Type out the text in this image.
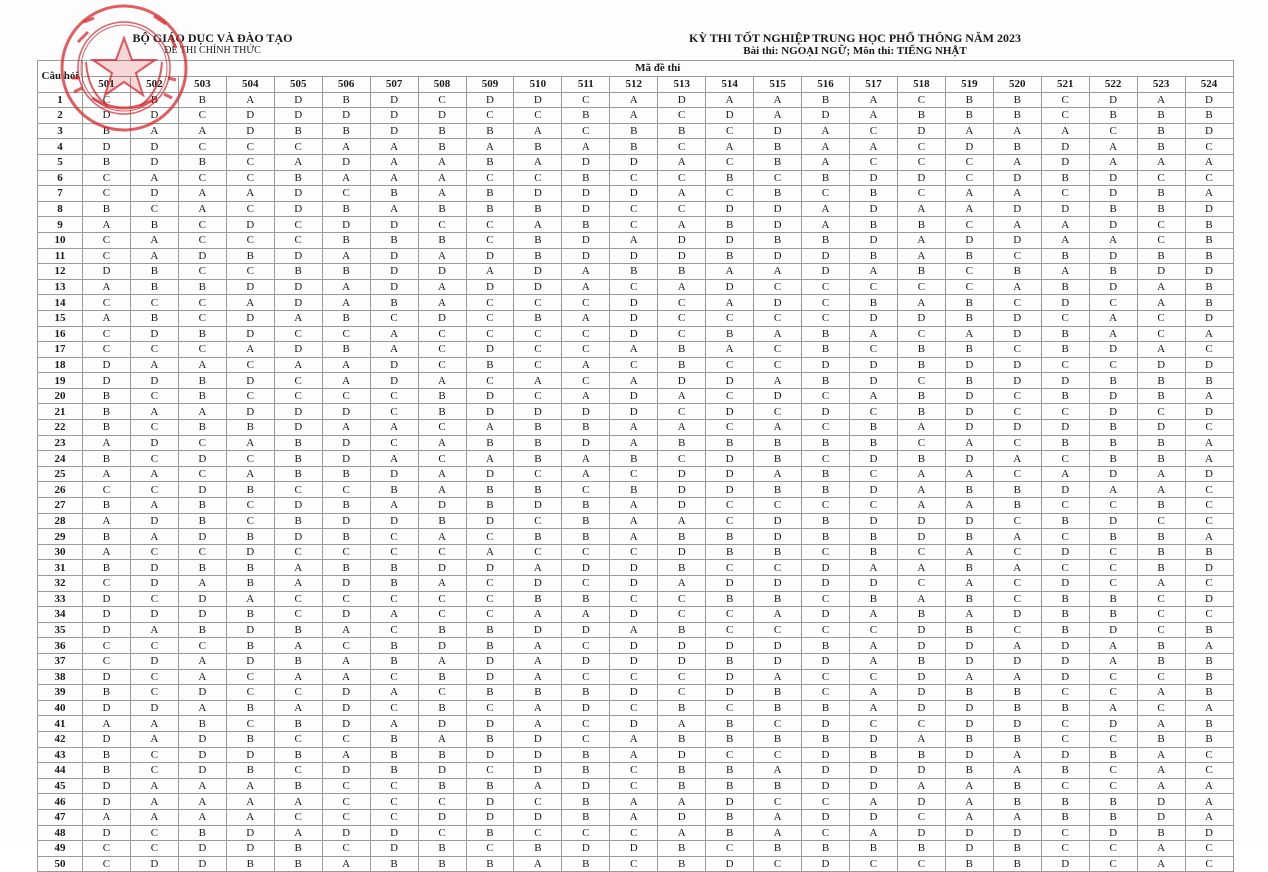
BỘ GIÁO DỤC VÀ ĐÀO TẠO
ĐỀ THI CHÍNH THỨC
KỲ THI TỐT NGHIỆP TRUNG HỌC PHỔ THÔNG NĂM 2023
Bài thi: NGOẠI NGỮ; Môn thi: TIẾNG NHẬT
Câu hỏi	Mã đề thi																							
	501	502	503	504	505	506	507	508	509	510	511	512	513	514	515	516	517	518	519	520	521	522	523	524
1	C	B	B	A	D	B	D	C	D	D	C	A	D	A	A	B	A	C	B	B	C	D	A	D
2	D	D	C	D	D	D	D	D	C	C	B	A	C	D	A	D	A	B	B	B	C	B	B	B
3	B	A	A	D	B	B	D	B	B	A	C	B	B	C	D	A	C	D	A	A	A	C	B	D
4	D	D	C	C	C	A	A	B	A	B	A	B	C	A	B	A	A	C	D	B	D	A	B	C
5	B	D	B	C	A	D	A	A	B	A	D	D	A	C	B	A	C	C	C	A	D	A	A	A
6	C	A	C	C	B	A	A	A	C	C	B	C	C	B	C	B	D	D	C	D	B	D	C	C
7	C	D	A	A	D	C	B	A	B	D	D	D	A	C	B	C	B	C	A	A	C	D	B	A
8	B	C	A	C	D	B	A	B	B	B	D	C	C	D	D	A	D	A	A	D	D	B	B	D
9	A	B	C	D	C	D	D	C	C	A	B	C	A	B	D	A	B	B	C	A	A	D	C	B
10	C	A	C	C	C	B	B	B	C	B	D	A	D	D	B	B	D	A	D	D	A	A	C	B
11	C	A	D	B	D	A	D	A	D	B	D	D	D	B	D	D	B	A	B	C	B	D	B	B
12	D	B	C	C	B	B	D	D	A	D	A	B	B	A	A	D	A	B	C	B	A	B	D	D
13	A	B	B	D	D	A	D	A	D	D	A	C	A	D	C	C	C	C	C	A	B	D	A	B
14	C	C	C	A	D	A	B	A	C	C	C	D	C	A	D	C	B	A	B	C	D	C	A	B
15	A	B	C	D	A	B	C	D	C	B	A	D	C	C	C	C	D	D	B	D	C	A	C	D
16	C	D	B	D	C	C	A	C	C	C	C	D	C	B	A	B	A	C	A	D	B	A	C	A
17	C	C	C	A	D	B	A	C	D	C	C	A	B	A	C	B	C	B	B	C	B	D	A	C
18	D	A	A	C	A	A	D	C	B	C	A	C	B	C	C	D	D	B	D	D	C	C	D	D
19	D	D	B	D	C	A	D	A	C	A	C	A	D	D	A	B	D	C	B	D	D	B	B	B
20	B	C	B	C	C	C	C	B	D	C	A	D	A	C	D	C	A	B	D	C	B	D	B	A
21	B	A	A	D	D	D	C	B	D	D	D	D	C	D	C	D	C	B	D	C	C	D	C	D
22	B	C	B	B	D	A	A	C	A	B	B	A	A	C	A	C	B	A	D	D	D	B	D	C
23	A	D	C	A	B	D	C	A	B	B	D	A	B	B	B	B	B	C	A	C	B	B	B	A
24	B	C	D	C	B	D	A	C	A	B	A	B	C	D	B	C	D	B	D	A	C	B	B	A
25	A	A	C	A	B	B	D	A	D	C	A	C	D	D	A	B	C	A	A	C	A	D	A	D
26	C	C	D	B	C	C	B	A	B	B	C	B	D	D	B	B	D	A	B	B	D	A	A	C
27	B	A	B	C	D	B	A	D	B	D	B	A	D	C	C	C	C	A	A	B	C	C	B	C
28	A	D	B	C	B	D	D	B	D	C	B	A	A	C	D	B	D	D	D	C	B	D	C	C
29	B	A	D	B	D	B	C	A	C	B	B	A	B	B	D	B	B	D	B	A	C	B	B	A
30	A	C	C	D	C	C	C	C	A	C	C	C	D	B	B	C	B	C	A	C	D	C	B	B
31	B	D	B	B	A	B	B	D	D	A	D	D	B	C	C	D	A	A	B	A	C	C	B	D
32	C	D	A	B	A	D	B	A	C	D	C	D	A	D	D	D	D	C	A	C	D	C	A	C
33	D	C	D	A	C	C	C	C	C	B	B	C	C	B	B	C	B	A	B	C	B	B	C	D
34	D	D	D	B	C	D	A	C	C	A	A	D	C	C	A	D	A	B	A	D	B	B	C	C
35	D	A	B	D	B	A	C	B	B	D	D	A	B	C	C	C	C	D	B	C	B	D	C	B
36	C	C	C	B	A	C	B	D	B	A	C	D	D	D	D	B	A	D	D	A	D	A	B	A
37	C	D	A	D	B	A	B	A	D	A	D	D	D	B	D	D	A	B	D	D	D	A	B	B
38	D	C	A	C	A	A	C	B	D	A	C	C	C	D	A	C	C	D	A	A	D	C	C	B
39	B	C	D	C	C	D	A	C	B	B	B	D	C	D	B	C	A	D	B	B	C	C	A	B
40	D	D	A	B	A	D	C	B	C	A	D	C	B	C	B	B	A	D	D	B	B	A	C	A
41	A	A	B	C	B	D	A	D	D	A	C	D	A	B	C	D	C	C	D	D	C	D	A	B
42	D	A	D	B	C	C	B	A	B	D	C	A	B	B	B	B	D	A	B	B	C	C	B	B
43	B	C	D	D	B	A	B	B	D	D	B	A	D	C	C	D	B	B	D	A	D	B	A	C
44	B	C	D	B	C	D	B	D	C	D	B	C	B	B	A	D	D	D	B	A	B	C	A	C
45	D	A	A	A	B	C	C	B	B	A	D	C	B	B	B	D	D	A	A	B	C	C	A	A
46	D	A	A	A	A	C	C	C	D	C	B	A	A	D	C	C	A	D	A	B	B	B	D	A
47	A	A	A	A	C	C	C	D	D	D	B	A	D	B	A	D	D	C	A	A	B	B	D	A
48	D	C	B	D	A	D	D	C	B	C	C	C	A	B	A	C	A	D	D	D	C	D	B	D
49	C	C	D	D	B	C	D	B	C	B	D	D	B	C	B	B	B	B	D	B	C	C	A	C
50	C	D	D	B	B	A	B	B	B	A	B	C	B	D	C	D	C	C	B	B	D	C	A	C
